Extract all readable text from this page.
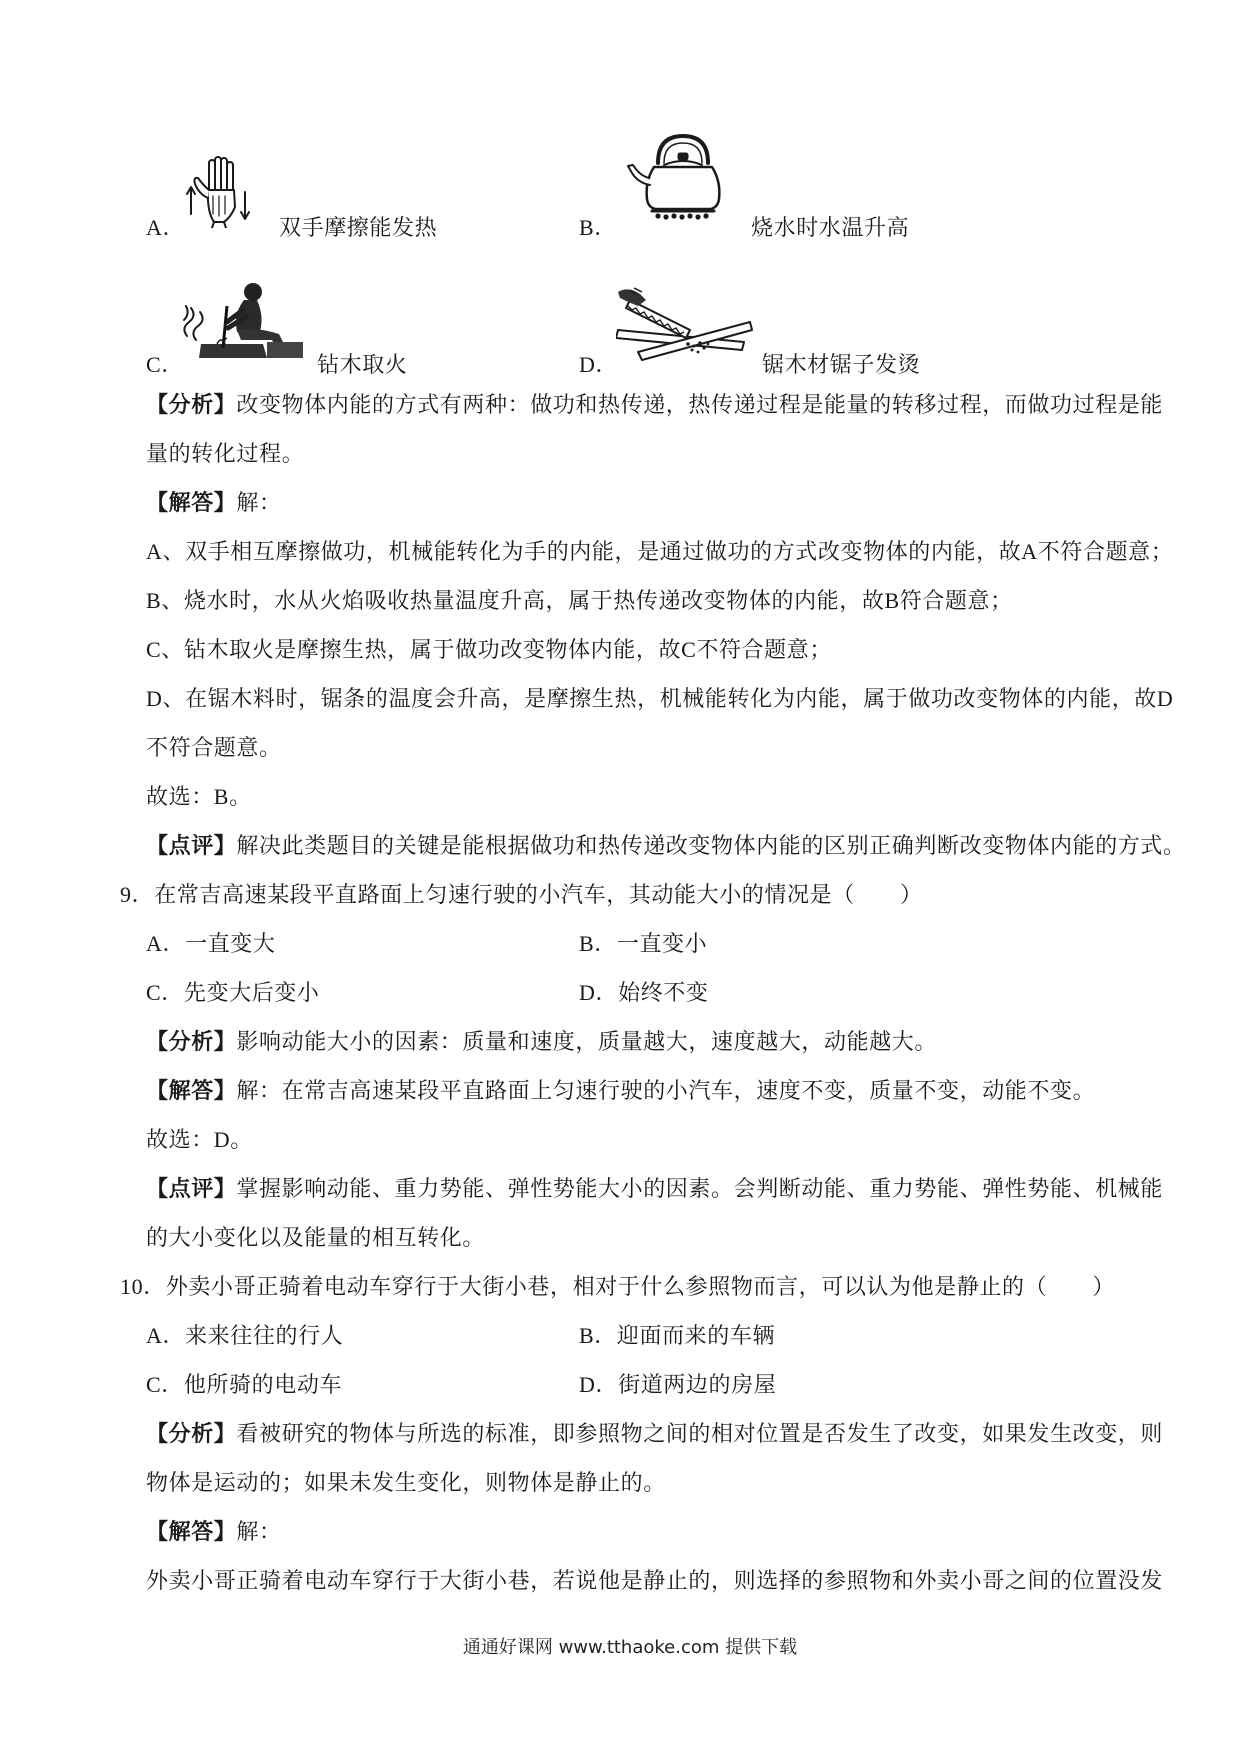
A．	双手摩擦能发热	B．	烧水时水温升高
C．	钻木取火	D．	锯木材锯子发烫
【分析】改变物体内能的方式有两种：做功和热传递，热传递过程是能量的转移过程，而做功过程是能
量的转化过程。
【解答】解：
A、双手相互摩擦做功，机械能转化为手的内能，是通过做功的方式改变物体的内能，故A不符合题意；
B、烧水时，水从火焰吸收热量温度升高，属于热传递改变物体的内能，故B符合题意；
C、钻木取火是摩擦生热，属于做功改变物体内能，故C不符合题意；
D、在锯木料时，锯条的温度会升高，是摩擦生热，机械能转化为内能，属于做功改变物体的内能，故D
不符合题意。
故选：B。
【点评】解决此类题目的关键是能根据做功和热传递改变物体内能的区别正确判断改变物体内能的方式。
9．在常吉高速某段平直路面上匀速行驶的小汽车，其动能大小的情况是（　　）
A．一直变大	B．一直变小
C．先变大后变小	D．始终不变
【分析】影响动能大小的因素：质量和速度，质量越大，速度越大，动能越大。
【解答】解：在常吉高速某段平直路面上匀速行驶的小汽车，速度不变，质量不变，动能不变。
故选：D。
【点评】掌握影响动能、重力势能、弹性势能大小的因素。会判断动能、重力势能、弹性势能、机械能
的大小变化以及能量的相互转化。
10．外卖小哥正骑着电动车穿行于大街小巷，相对于什么参照物而言，可以认为他是静止的（　　）
A．来来往往的行人	B．迎面而来的车辆
C．他所骑的电动车	D．街道两边的房屋
【分析】看被研究的物体与所选的标准，即参照物之间的相对位置是否发生了改变，如果发生改变，则
物体是运动的；如果未发生变化，则物体是静止的。
【解答】解：
外卖小哥正骑着电动车穿行于大街小巷，若说他是静止的，则选择的参照物和外卖小哥之间的位置没发
通通好课网 www.tthaoke.com 提供下载
